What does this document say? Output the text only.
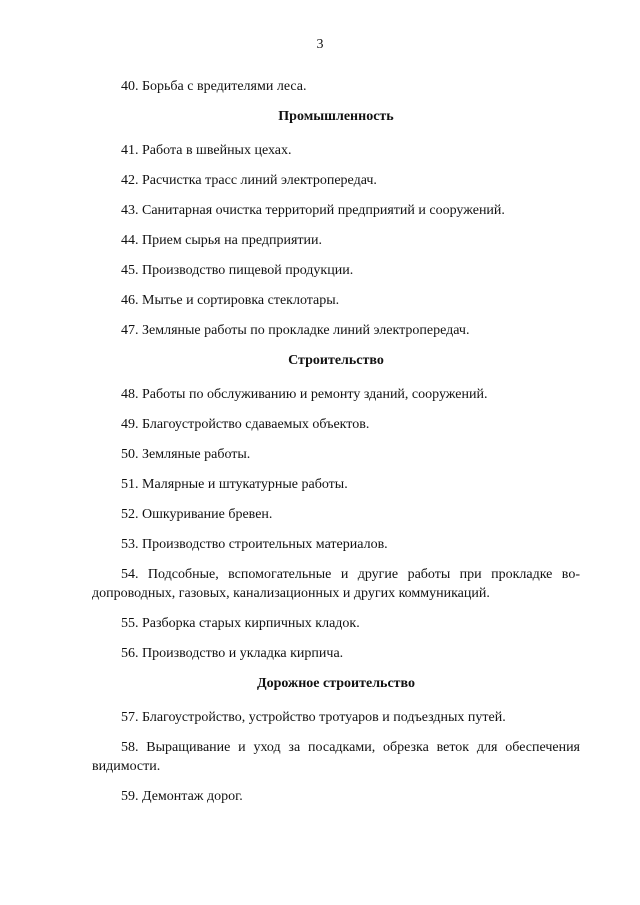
3

40. Борьба с вредителями леса.

Промышленность

41. Работа в швейных цехах.

42. Расчистка трасс линий электропередач.

43. Санитарная очистка территорий предприятий и сооружений.

44. Прием сырья на предприятии.

45. Производство пищевой продукции.

46. Мытье и сортировка стеклотары.

47. Земляные работы по прокладке линий электропередач.

Строительство

48. Работы по обслуживанию и ремонту зданий, сооружений.

49. Благоустройство сдаваемых объектов.

50. Земляные работы.

51. Малярные и штукатурные работы.

52. Ошкуривание бревен.

53. Производство строительных материалов.

54. Подсобные, вспомогательные и другие работы при прокладке водопроводных, газовых, канализационных и других коммуникаций.

55. Разборка старых кирпичных кладок.

56. Производство и укладка кирпича.

Дорожное строительство

57. Благоустройство, устройство тротуаров и подъездных путей.

58. Выращивание и уход за посадками, обрезка веток для обеспечения видимости.

59. Демонтаж дорог.
